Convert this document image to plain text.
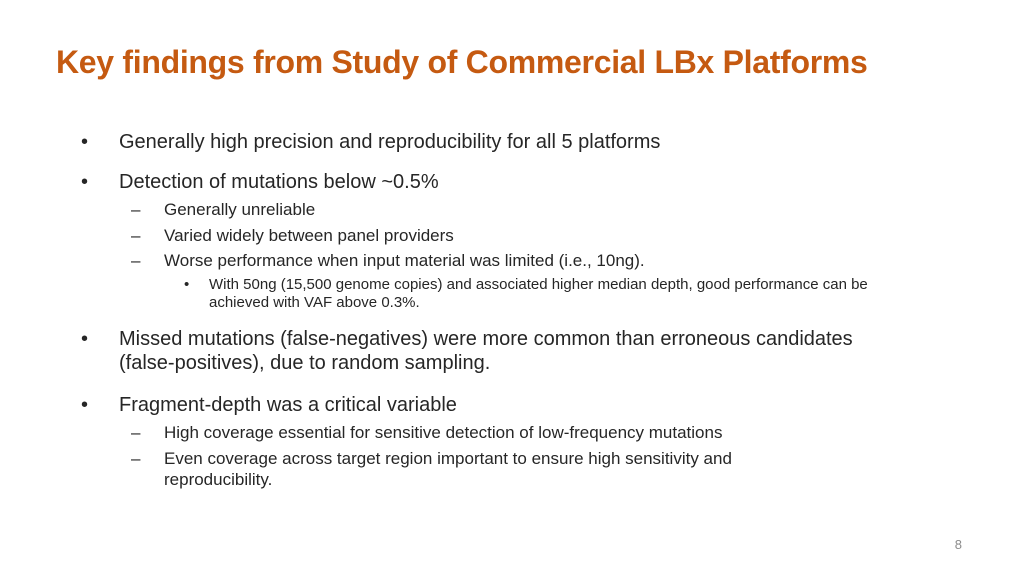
Key findings from Study of Commercial LBx Platforms
• Generally high precision and reproducibility for all 5 platforms
• Detection of mutations below ~0.5%
– Generally unreliable
– Varied widely between panel providers
– Worse performance when input material was limited (i.e., 10ng).
• With 50ng (15,500 genome copies) and associated higher median depth, good performance can be achieved with VAF above 0.3%.
• Missed mutations (false-negatives) were more common than erroneous candidates (false-positives), due to random sampling.
• Fragment-depth was a critical variable
– High coverage essential for sensitive detection of low-frequency mutations
– Even coverage across target region important to ensure high sensitivity and reproducibility.
8
